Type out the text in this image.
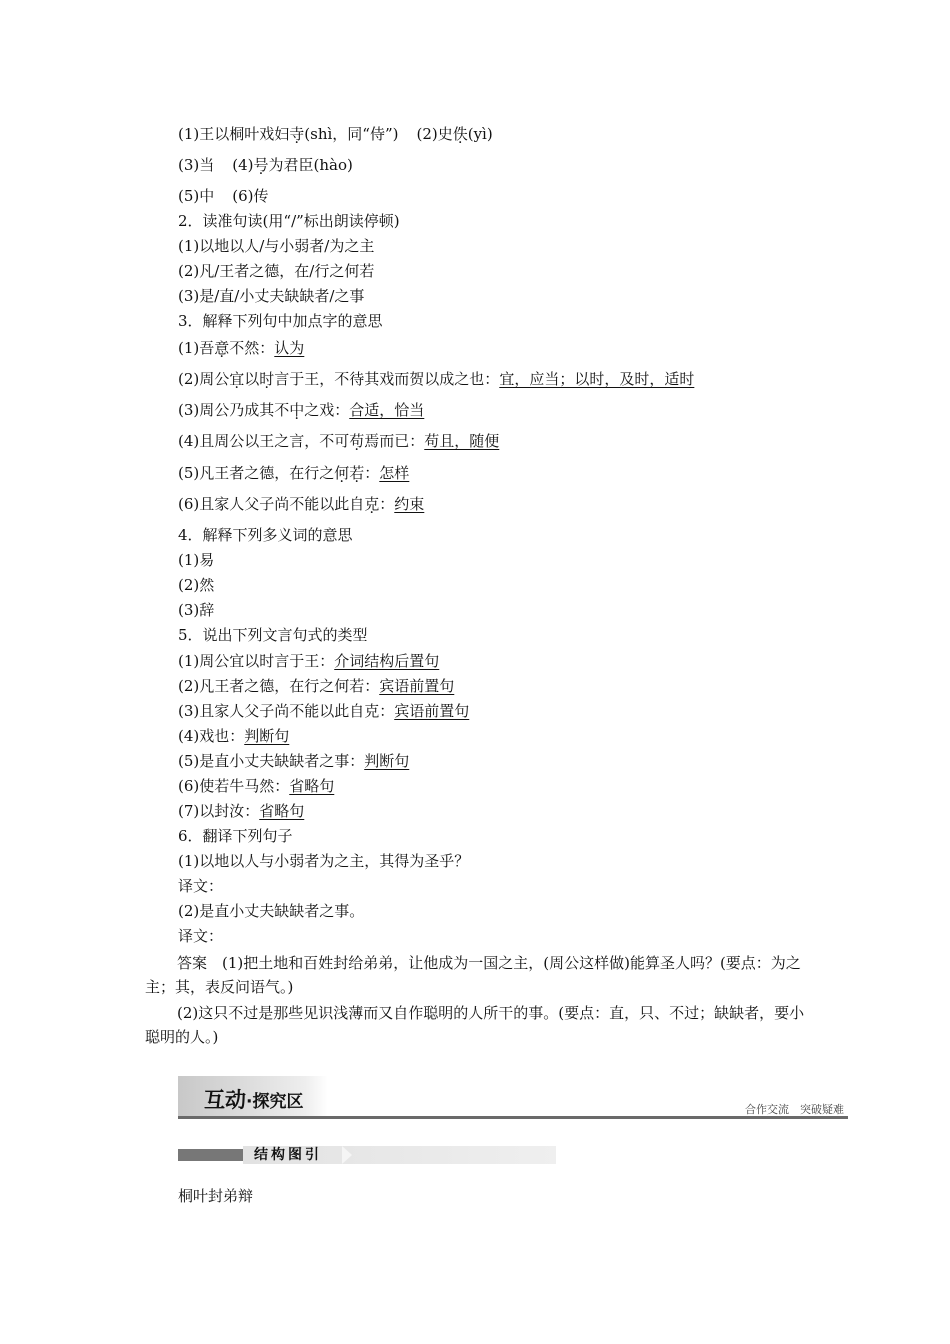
(1)王以桐叶戏妇寺(shì，同“侍”) (2)史佚(yì)
(3)当 (4)号为君臣(hào)
(5)中 (6)传
2．读准句读(用“/”标出朗读停顿)
(1)以地以人/与小弱者/为之主
(2)凡/王者之德，在/行之何若
(3)是/直/小丈夫缺缺者/之事
3．解释下列句中加点字的意思
(1)吾意不然：认为
(2)周公宜以时言于王，不待其戏而贺以成之也：宜，应当；以时，及时，适时
(3)周公乃成其不中之戏：合适，恰当
(4)且周公以王之言，不可苟焉而已：苟且，随便
(5)凡王者之德，在行之何若：怎样
(6)且家人父子尚不能以此自克：约束
4．解释下列多义词的意思
(1)易
(2)然
(3)辞
5．说出下列文言句式的类型
(1)周公宜以时言于王：介词结构后置句
(2)凡王者之德，在行之何若：宾语前置句
(3)且家人父子尚不能以此自克：宾语前置句
(4)戏也：判断句
(5)是直小丈夫缺缺者之事：判断句
(6)使若牛马然：省略句
(7)以封汝：省略句
6．翻译下列句子
(1)以地以人与小弱者为之主，其得为圣乎？
译文：
(2)是直小丈夫缺缺者之事。
译文：
答案　(1)把土地和百姓封给弟弟，让他成为一国之主，(周公这样做)能算圣人吗？(要点：为之主；其，表反问语气。)
(2)这只不过是那些见识浅薄而又自作聪明的人所干的事。(要点：直，只、不过；缺缺者，要小聪明的人。)
互动·探究区	合作交流　突破疑难
结构图引
桐叶封弟辩
